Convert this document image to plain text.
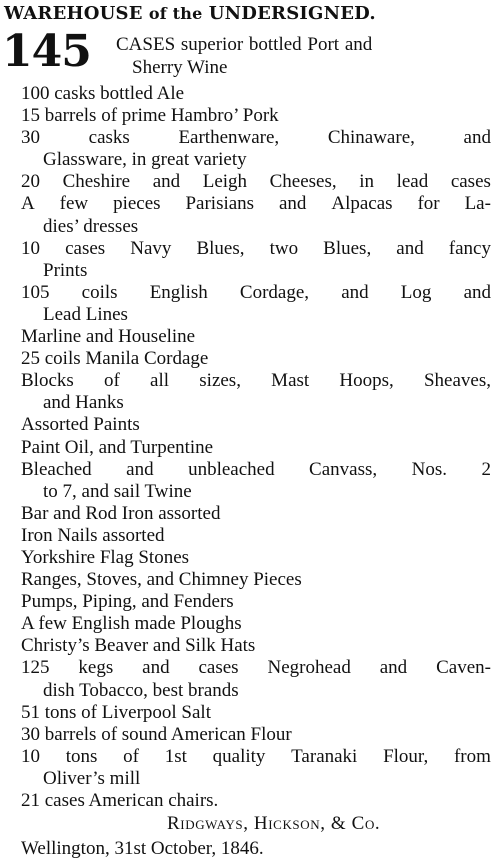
WAREHOUSE of the UNDERSIGNED.
145 CASES superior bottled Port and
Sherry Wine
100 casks bottled Ale
15 barrels of prime Hambro’ Pork
30	casks	Earthenware,	Chinaware,	and
Glassware, in great variety
20 Cheshire and Leigh Cheeses, in lead cases
A few pieces Parisians and Alpacas for La-
dies’ dresses
10 cases Navy Blues, two Blues, and fancy
Prints
105 coils English Cordage, and Log and
Lead Lines
Marline and Houseline
25 coils Manila Cordage
Blocks of all sizes, Mast Hoops, Sheaves,
and Hanks
Assorted Paints
Paint Oil, and Turpentine
Bleached and unbleached Canvass, Nos. 2
to 7, and sail Twine
Bar and Rod Iron assorted
Iron Nails assorted
Yorkshire Flag Stones
Ranges, Stoves, and Chimney Pieces
Pumps, Piping, and Fenders
A few English made Ploughs
Christy’s Beaver and Silk Hats
125 kegs and cases Negrohead and Caven-
dish Tobacco, best brands
51 tons of Liverpool Salt
30 barrels of sound American Flour
10 tons of 1st quality Taranaki Flour, from
Oliver’s mill
21 cases American chairs.
Ridgways, Hickson, & Co.
Wellington, 31st October, 1846.
